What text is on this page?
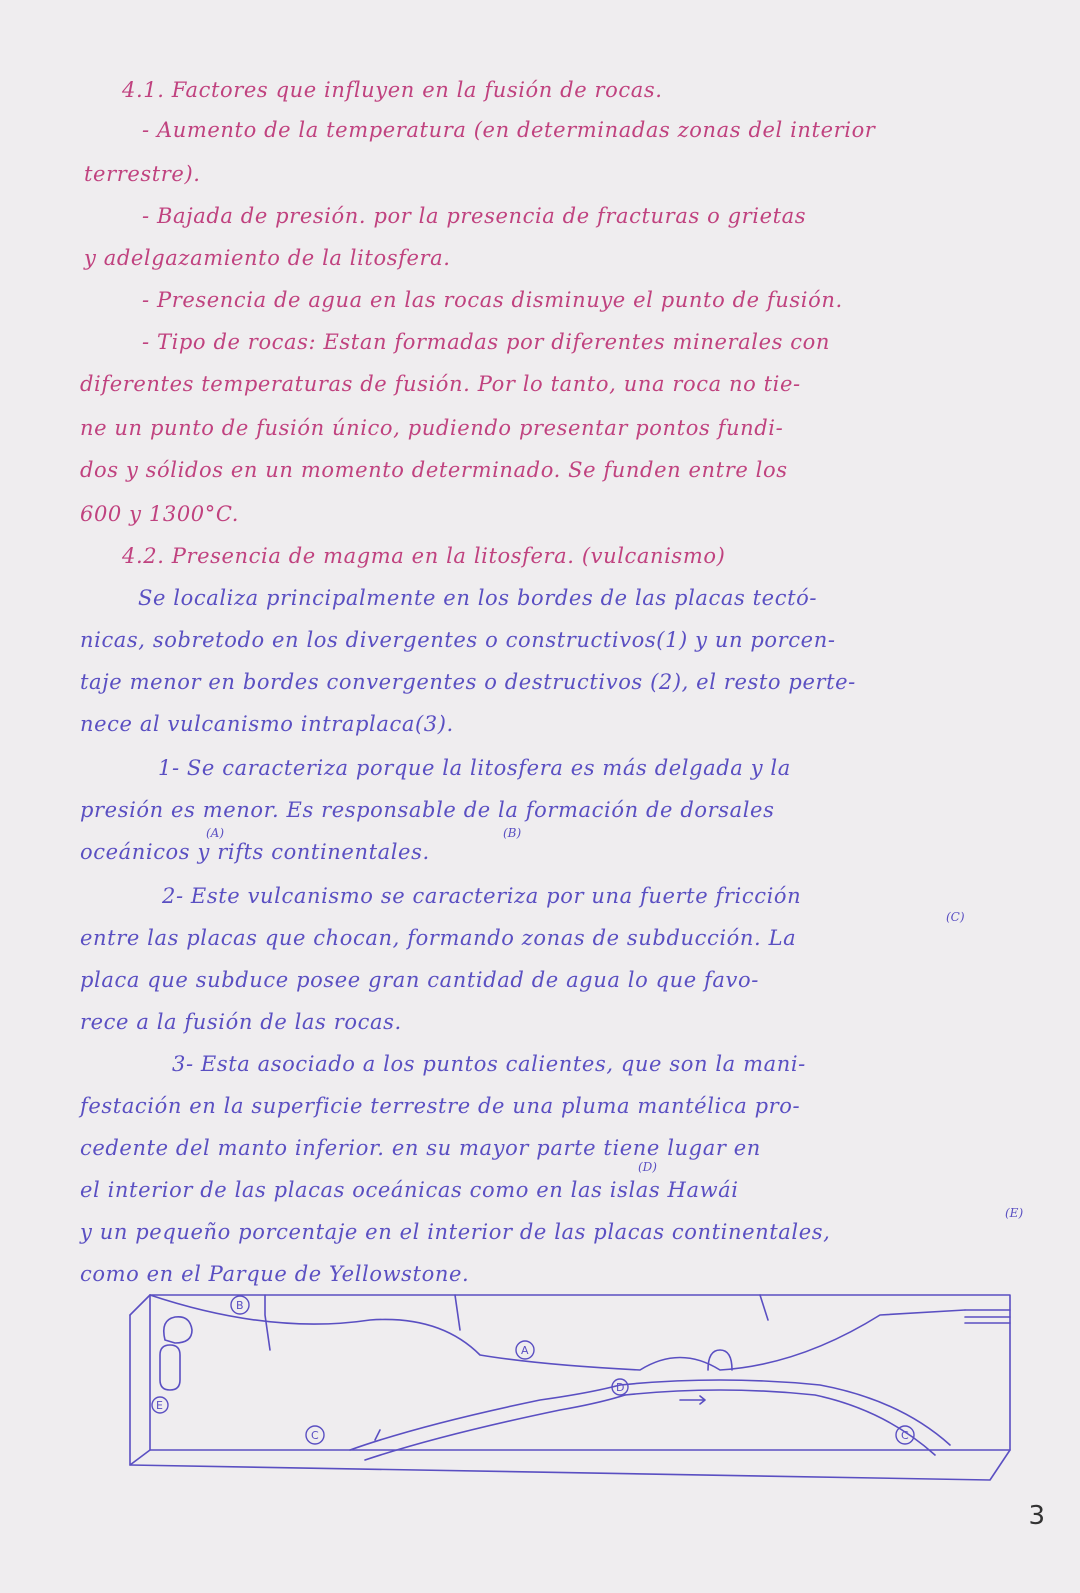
4.1. Factores que influyen en la fusión de rocas.
- Aumento de la temperatura (en determinadas zonas del interior
terrestre).
- Bajada de presión. por la presencia de fracturas o grietas
y adelgazamiento de la litosfera.
- Presencia de agua en las rocas disminuye el punto de fusión.
- Tipo de rocas: Estan formadas por diferentes minerales con
diferentes temperaturas de fusión. Por lo tanto, una roca no tie-
ne un punto de fusión único, pudiendo presentar pontos fundi-
dos y sólidos en un momento determinado. Se funden entre los
600 y 1300°C.
4.2. Presencia de magma en la litosfera. (vulcanismo)
Se localiza principalmente en los bordes de las placas tectó-
nicas, sobretodo en los divergentes o constructivos(1) y un porcen-
taje menor en bordes convergentes o destructivos (2), el resto perte-
nece al vulcanismo intraplaca(3).
1- Se caracteriza porque la litosfera es más delgada y la
presión es menor. Es responsable de la formación de dorsales
oceánicos y rifts continentales.
(A)	(B)
2- Este vulcanismo se caracteriza por una fuerte fricción
entre las placas que chocan, formando zonas de subducción. La
(C)
placa que subduce posee gran cantidad de agua lo que favo-
rece a la fusión de las rocas.
3- Esta asociado a los puntos calientes, que son la mani-
festación en la superficie terrestre de una pluma mantélica pro-
cedente del manto inferior. en su mayor parte tiene lugar en
(D)
el interior de las placas oceánicas como en las islas Hawái
y un pequeño porcentaje en el interior de las placas continentales,
(E)
como en el Parque de Yellowstone.
B
E
C
A
D
C
3
